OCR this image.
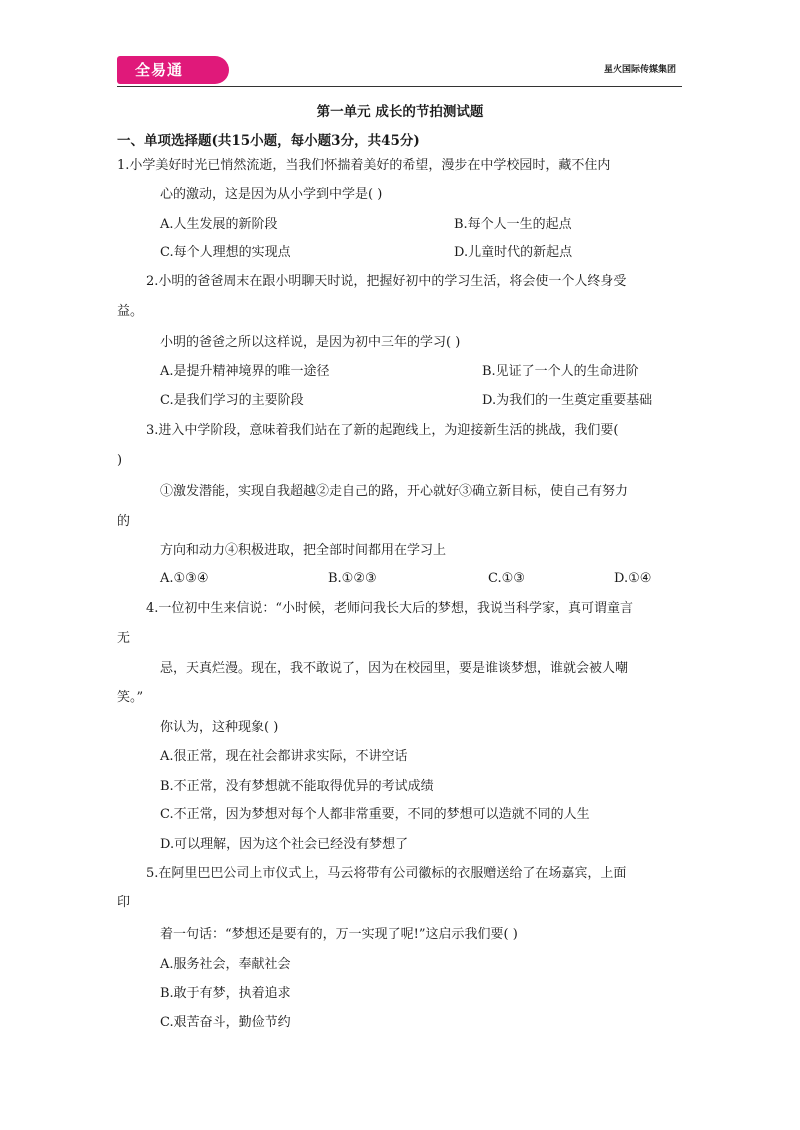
全易通	星火国际传媒集团
第一单元 成长的节拍测试题
一、单项选择题(共15小题，每小题3分，共45分)
1.小学美好时光已悄然流逝，当我们怀揣着美好的希望，漫步在中学校园时，藏不住内
心的激动，这是因为从小学到中学是( )
A.人生发展的新阶段	B.每个人一生的起点
C.每个人理想的实现点	D.儿童时代的新起点
2.小明的爸爸周末在跟小明聊天时说，把握好初中的学习生活，将会使一个人终身受
益。
小明的爸爸之所以这样说，是因为初中三年的学习( )
A.是提升精神境界的唯一途径	B.见证了一个人的生命进阶
C.是我们学习的主要阶段	D.为我们的一生奠定重要基础
3.进入中学阶段，意味着我们站在了新的起跑线上，为迎接新生活的挑战，我们要(
)
①激发潜能，实现自我超越②走自己的路，开心就好③确立新目标，使自己有努力
的
方向和动力④积极进取，把全部时间都用在学习上
A.①③④	B.①②③	C.①③	D.①④
4.一位初中生来信说：“小时候，老师问我长大后的梦想，我说当科学家，真可谓童言
无
忌，天真烂漫。现在，我不敢说了，因为在校园里，要是谁谈梦想，谁就会被人嘲
笑。”
你认为，这种现象( )
A.很正常，现在社会都讲求实际，不讲空话
B.不正常，没有梦想就不能取得优异的考试成绩
C.不正常，因为梦想对每个人都非常重要，不同的梦想可以造就不同的人生
D.可以理解，因为这个社会已经没有梦想了
5.在阿里巴巴公司上市仪式上，马云将带有公司徽标的衣服赠送给了在场嘉宾，上面
印
着一句话：“梦想还是要有的，万一实现了呢!”这启示我们要( )
A.服务社会，奉献社会
B.敢于有梦，执着追求
C.艰苦奋斗，勤俭节约
